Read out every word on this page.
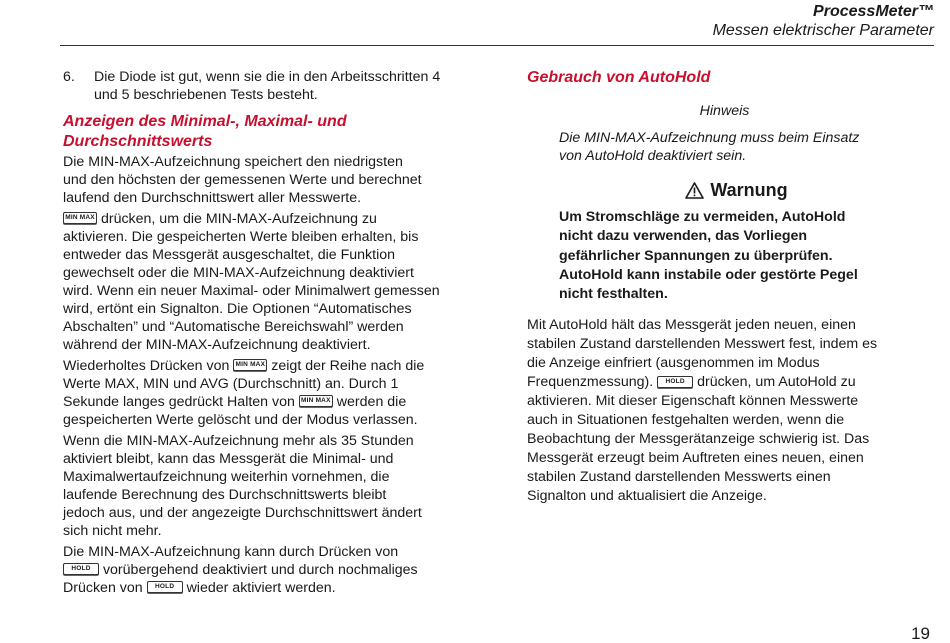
ProcessMeter™
Messen elektrischer Parameter
6.	Die Diode ist gut, wenn sie die in den Arbeitsschritten 4
und 5 beschriebenen Tests besteht.
Anzeigen des Minimal-, Maximal- und
Durchschnittswerts

Die MIN-MAX-Aufzeichnung speichert den niedrigsten
und den höchsten der gemessenen Werte und berechnet
laufend den Durchschnittswert aller Messwerte.

MIN MAX drücken, um die MIN-MAX-Aufzeichnung zu
aktivieren. Die gespeicherten Werte bleiben erhalten, bis
entweder das Messgerät ausgeschaltet, die Funktion
gewechselt oder die MIN-MAX-Aufzeichnung deaktiviert
wird. Wenn ein neuer Maximal- oder Minimalwert gemessen
wird, ertönt ein Signalton. Die Optionen “Automatisches
Abschalten” und “Automatische Bereichswahl” werden
während der MIN-MAX-Aufzeichnung deaktiviert.

Wiederholtes Drücken von MIN MAX zeigt der Reihe nach die
Werte MAX, MIN und AVG (Durchschnitt) an. Durch 1
Sekunde langes gedrückt Halten von MIN MAX werden die
gespeicherten Werte gelöscht und der Modus verlassen.

Wenn die MIN-MAX-Aufzeichnung mehr als 35 Stunden
aktiviert bleibt, kann das Messgerät die Minimal- und
Maximalwertaufzeichnung weiterhin vornehmen, die
laufende Berechnung des Durchschnittswerts bleibt
jedoch aus, und der angezeigte Durchschnittswert ändert
sich nicht mehr.

Die MIN-MAX-Aufzeichnung kann durch Drücken von
HOLD vorübergehend deaktiviert und durch nochmaliges
Drücken von HOLD wieder aktiviert werden.

Gebrauch von AutoHold
Hinweis
Die MIN-MAX-Aufzeichnung muss beim Einsatz
von AutoHold deaktiviert sein.
Warnung
Um Stromschläge zu vermeiden, AutoHold
nicht dazu verwenden, das Vorliegen
gefährlicher Spannungen zu überprüfen.
AutoHold kann instabile oder gestörte Pegel
nicht festhalten.

Mit AutoHold hält das Messgerät jeden neuen, einen
stabilen Zustand darstellenden Messwert fest, indem es
die Anzeige einfriert (ausgenommen im Modus
Frequenzmessung). HOLD drücken, um AutoHold zu
aktivieren. Mit dieser Eigenschaft können Messwerte
auch in Situationen festgehalten werden, wenn die
Beobachtung der Messgerätanzeige schwierig ist. Das
Messgerät erzeugt beim Auftreten eines neuen, einen
stabilen Zustand darstellenden Messwerts einen
Signalton und aktualisiert die Anzeige.

19
